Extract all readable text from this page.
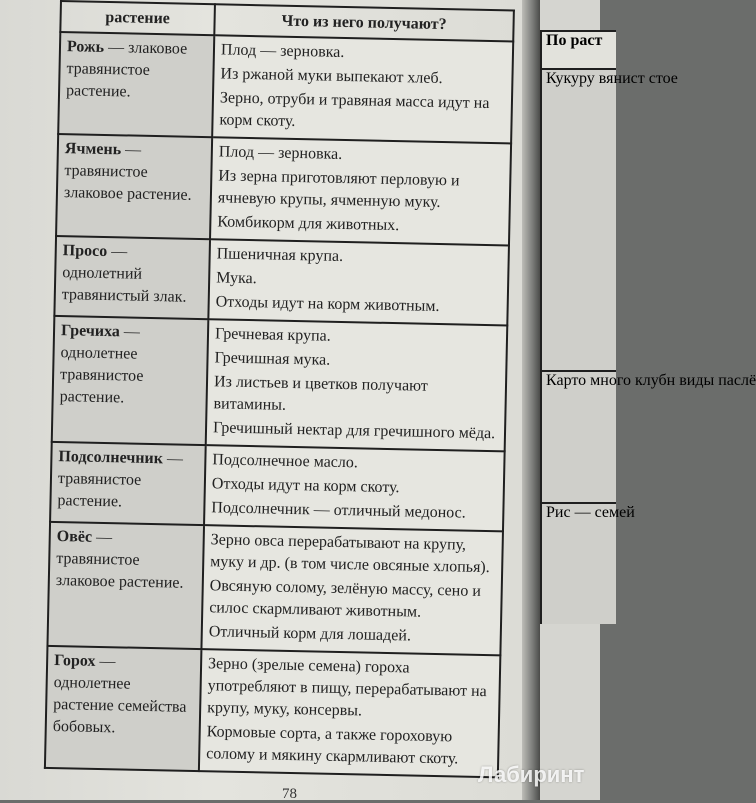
растение	Что из него получают?
Рожь — злаковое травянистое растение.	Плод — зерновка.

Из ржаной муки выпекают хлеб.

Зерно, отруби и травяная масса идут на корм скоту.

Ячмень — травянистое злаковое растение.	Плод — зерновка.

Из зерна приготовляют перловую и ячневую крупы, ячменную муку.

Комбикорм для животных.

Просо — однолетний травянистый злак.	Пшеничная крупа.

Мука.

Отходы идут на корм животным.

Гречиха — однолетнее травянистое растение.	Гречневая крупа.

Гречишная мука.

Из листьев и цветков получают витамины.

Гречишный нектар для гречишного мёда.

Подсолнечник — травянистое растение.	Подсолнечное масло.

Отходы идут на корм скоту.

Подсолнечник — отличный медонос.

Овёс — травянистое злаковое растение.	Зерно овса перерабатывают на крупу, муку и др. (в том числе овсяные хлопья).

Овсяную солому, зелёную массу, сено и силос скармливают животным.

Отличный корм для лошадей.

Горох — однолетнее растение семейства бобовых.	Зерно (зрелые семена) гороха употребляют в пищу, перерабатывают на крупу, муку, консервы.

Кормовые сорта, а также гороховую солому и мякину скармливают скоту.

78
По раст
Кукуру вянист стое
Карто много клубн виды паслё
Рис — семей
Лабиринт
